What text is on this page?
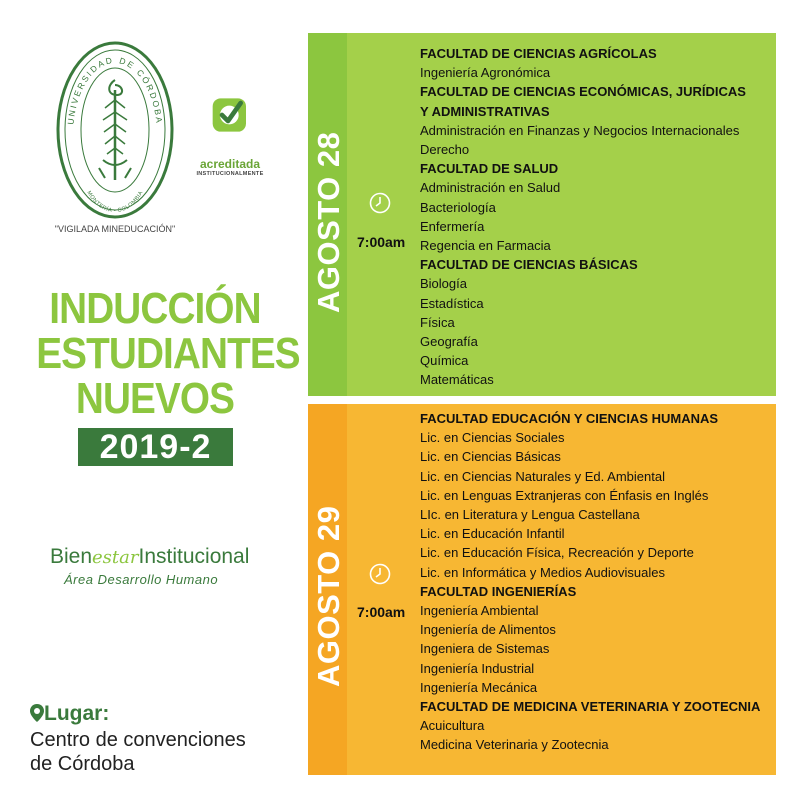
UNIVERSIDAD DE CÓRDOBA
MONTERÍA - COLOMBIA
"VIGILADA MINEDUCACIÓN"
acreditada
INSTITUCIONALMENTE
INDUCCIÓN
ESTUDIANTES
NUEVOS
2019-2
BienestarInstitucional
Área Desarrollo Humano
Lugar:
Centro de convenciones
de Córdoba
AGOSTO 28
AGOSTO 29
7:00am
7:00am
FACULTAD DE CIENCIAS AGRÍCOLAS
Ingeniería Agronómica
FACULTAD DE CIENCIAS ECONÓMICAS, JURÍDICAS
Y ADMINISTRATIVAS
Administración en Finanzas y Negocios Internacionales
Derecho
FACULTAD DE SALUD
Administración en Salud
Bacteriología
Enfermería
Regencia en Farmacia
FACULTAD DE CIENCIAS BÁSICAS
Biología
Estadística
Física
Geografía
Química
Matemáticas
FACULTAD EDUCACIÓN Y CIENCIAS HUMANAS
Lic. en Ciencias Sociales
Lic. en Ciencias Básicas
Lic. en Ciencias Naturales y Ed. Ambiental
Lic. en Lenguas Extranjeras con Énfasis en Inglés
LIc. en Literatura y Lengua Castellana
Lic. en Educación Infantil
Lic. en Educación Física, Recreación y Deporte
Lic. en Informática y Medios Audiovisuales
FACULTAD INGENIERÍAS
Ingeniería Ambiental
Ingeniería de Alimentos
Ingeniera de Sistemas
Ingeniería Industrial
Ingeniería Mecánica
FACULTAD DE MEDICINA VETERINARIA Y ZOOTECNIA
Acuicultura
Medicina Veterinaria y Zootecnia
